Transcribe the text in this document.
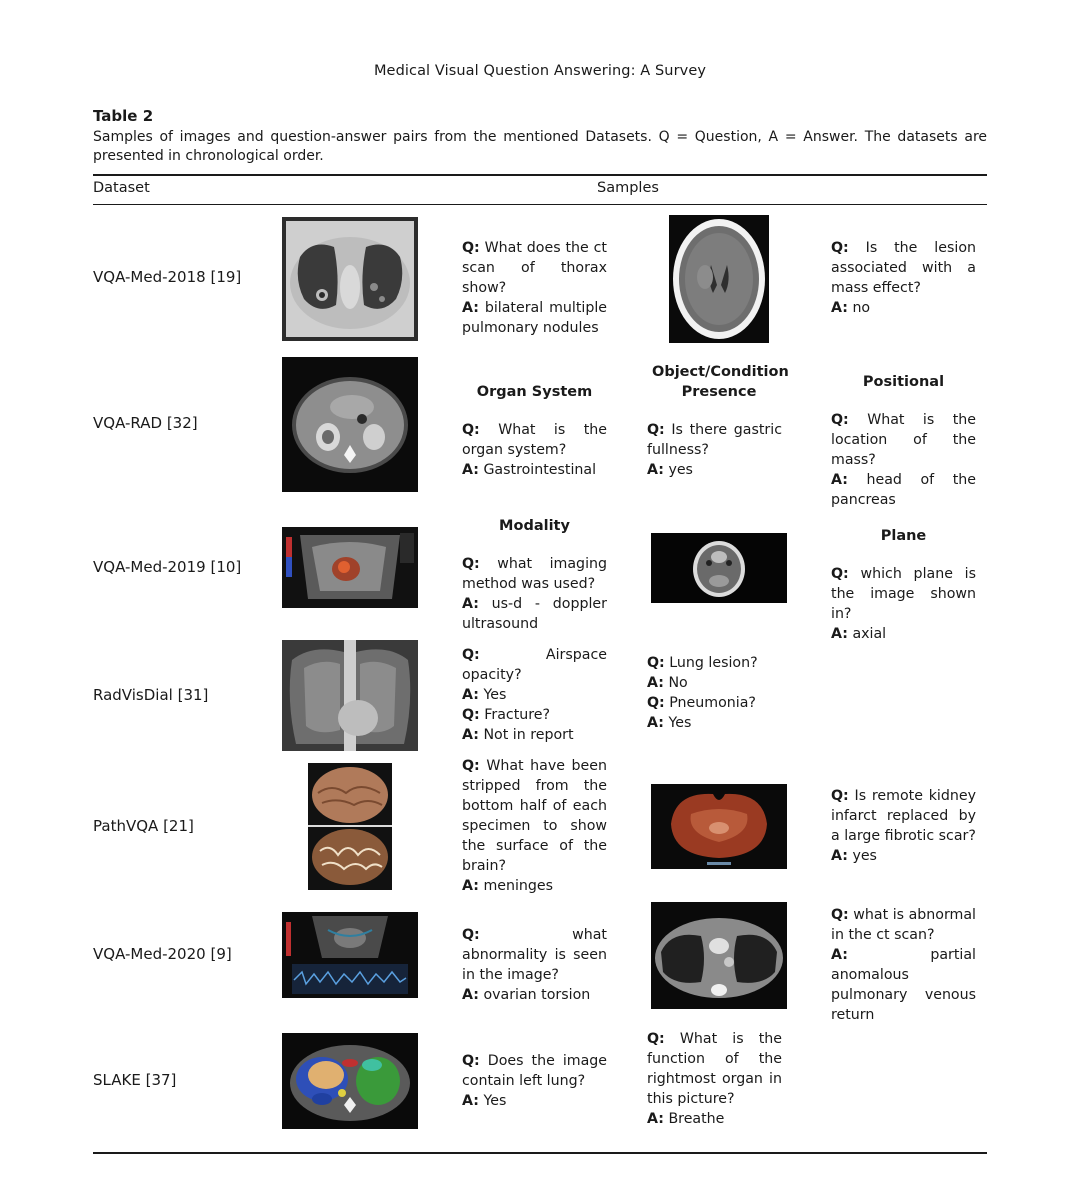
Medical Visual Question Answering: A Survey
Table 2
Samples of images and question-answer pairs from the mentioned Datasets. Q = Question, A = Answer. The datasets are presented in chronological order.
Dataset	Samples
VQA-Med-2018 [19]
Q: What does the ct scan of thorax show?
A: bilateral multiple pulmonary nodules
Q: Is the lesion associated with a mass effect?
A: no
VQA-RAD [32]
Organ System
Q: What is the organ system?
A: Gastrointestinal
Object/Condition Presence
Q: Is there gastric fullness?
A: yes
Positional
Q: What is the location of the mass?
A: head of the pancreas
VQA-Med-2019 [10]
Modality
Q: what imaging method was used?
A: us-d - doppler ultrasound
Plane
Q: which plane is the image shown in?
A: axial
RadVisDial [31]
Q:	Airspace opacity?
A: Yes
Q: Fracture?
A: Not in report
Q: Lung lesion?
A: No
Q: Pneumonia?
A: Yes
PathVQA [21]
Q: What have been stripped from the bottom half of each specimen to show the surface of the brain?
A: meninges
Q: Is remote kidney infarct replaced by a large fibrotic scar?
A: yes
VQA-Med-2020 [9]
Q:	what abnormality is seen in the image?
A: ovarian torsion
Q: what is abnormal in the ct scan?
A:	partial anomalous pulmonary venous return
SLAKE [37]
Q: Does the image contain left lung?
A: Yes
Q: What is the function of the rightmost organ in this picture?
A: Breathe
